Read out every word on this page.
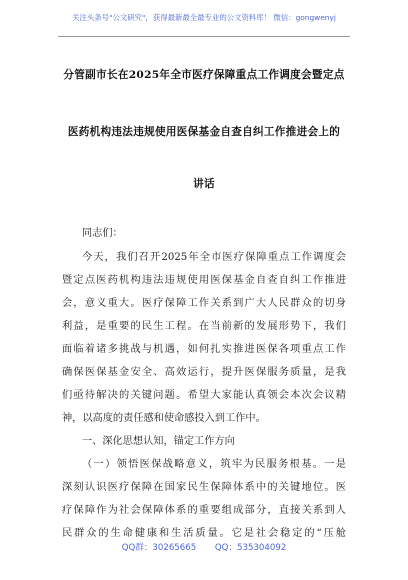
关注头条号"公文研究"，获得最新最全最专业的公文资料库！ 微信：gongwenyj
分管副市长在2025年全市医疗保障重点工作调度会暨定点
医药机构违法违规使用医保基金自查自纠工作推进会上的
讲话
同志们：
今天，我们召开2025年全市医疗保障重点工作调度会
暨定点医药机构违法违规使用医保基金自查自纠工作推进
会，意义重大。医疗保障工作关系到广大人民群众的切身
利益，是重要的民生工程。在当前新的发展形势下，我们
面临着诸多挑战与机遇，如何扎实推进医保各项重点工作
确保医保基金安全、高效运行，提升医保服务质量，是我
们亟待解决的关键问题。希望大家能认真领会本次会议精
神，以高度的责任感和使命感投入到工作中。
一、深化思想认知，锚定工作方向
（一）领悟医保战略意义，筑牢为民服务根基。一是
深刻认识医疗保障在国家民生保障体系中的关键地位。医
疗保障作为社会保障体系的重要组成部分，直接关系到人
民群众的生命健康和生活质量。它是社会稳定的“压舱
QQ群：30265665 QQ：535304092
